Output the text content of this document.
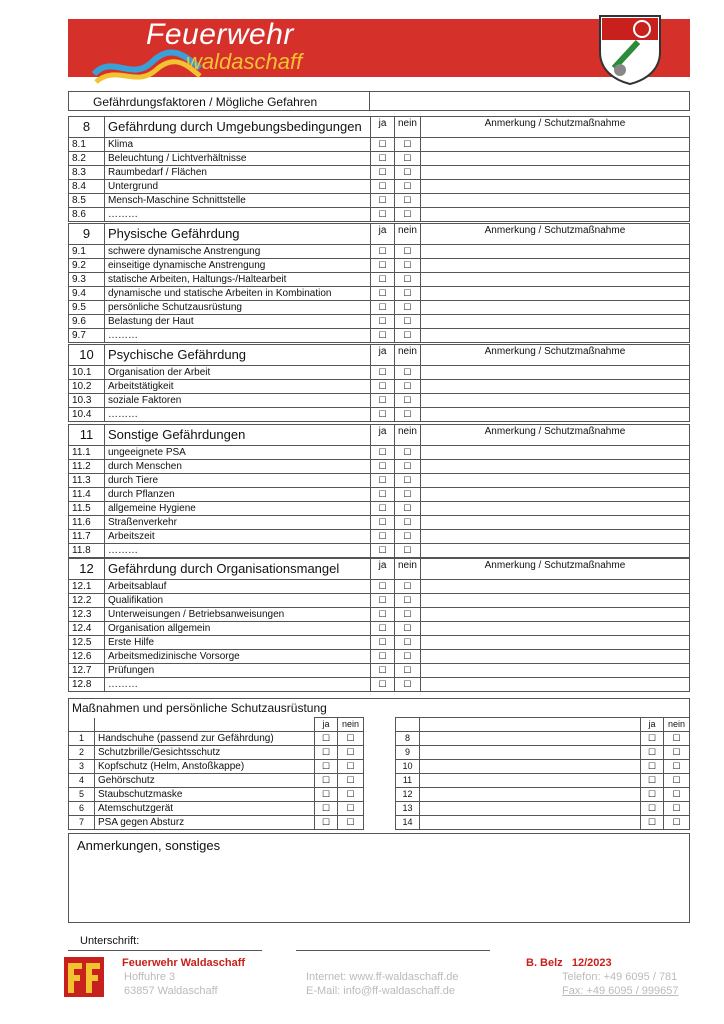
Feuerwehr
waldaschaff
Gefährdungsfaktoren / Mögliche Gefahren
8	Gefährdung durch Umgebungsbedingungen	ja	nein	Anmerkung / Schutzmaßnahme
8.1	Klima	☐	☐	
8.2	Beleuchtung / Lichtverhältnisse	☐	☐	
8.3	Raumbedarf / Flächen	☐	☐	
8.4	Untergrund	☐	☐	
8.5	Mensch-Maschine Schnittstelle	☐	☐	
8.6	………	☐	☐	
9	Physische Gefährdung	ja	nein	Anmerkung / Schutzmaßnahme
9.1	schwere dynamische Anstrengung	☐	☐	
9.2	einseitige dynamische Anstrengung	☐	☐	
9.3	statische Arbeiten, Haltungs-/Haltearbeit	☐	☐	
9.4	dynamische und statische Arbeiten in Kombination	☐	☐	
9.5	persönliche Schutzausrüstung	☐	☐	
9.6	Belastung der Haut	☐	☐	
9.7	………	☐	☐	
10	Psychische Gefährdung	ja	nein	Anmerkung / Schutzmaßnahme
10.1	Organisation der Arbeit	☐	☐	
10.2	Arbeitstätigkeit	☐	☐	
10.3	soziale Faktoren	☐	☐	
10.4	………	☐	☐	
11	Sonstige Gefährdungen	ja	nein	Anmerkung / Schutzmaßnahme
11.1	ungeeignete PSA	☐	☐	
11.2	durch Menschen	☐	☐	
11.3	durch Tiere	☐	☐	
11.4	durch Pflanzen	☐	☐	
11.5	allgemeine Hygiene	☐	☐	
11.6	Straßenverkehr	☐	☐	
11.7	Arbeitszeit	☐	☐	
11.8	………	☐	☐	
12	Gefährdung durch Organisationsmangel	ja	nein	Anmerkung / Schutzmaßnahme
12.1	Arbeitsablauf	☐	☐	
12.2	Qualifikation	☐	☐	
12.3	Unterweisungen / Betriebsanweisungen	☐	☐	
12.4	Organisation allgemein	☐	☐	
12.5	Erste Hilfe	☐	☐	
12.6	Arbeitsmedizinische Vorsorge	☐	☐	
12.7	Prüfungen	☐	☐	
12.8	………	☐	☐	
Maßnahmen und persönliche Schutzausrüstung								
		ja	nein				ja	nein
1	Handschuhe (passend zur Gefährdung)	☐	☐		8		☐	☐
2	Schutzbrille/Gesichtsschutz	☐	☐		9		☐	☐
3	Kopfschutz (Helm, Anstoßkappe)	☐	☐		10		☐	☐
4	Gehörschutz	☐	☐		11		☐	☐
5	Staubschutzmaske	☐	☐		12		☐	☐
6	Atemschutzgerät	☐	☐		13		☐	☐
7	PSA gegen Absturz	☐	☐		14		☐	☐
Anmerkungen, sonstiges
Unterschrift:
Feuerwehr Waldaschaff
Hoffuhre 3
63857 Waldaschaff
Internet: www.ff-waldaschaff.de
E-Mail: info@ff-waldaschaff.de
B. Belz   12/2023
Telefon: +49 6095 / 781
Fax: +49 6095 / 999657
